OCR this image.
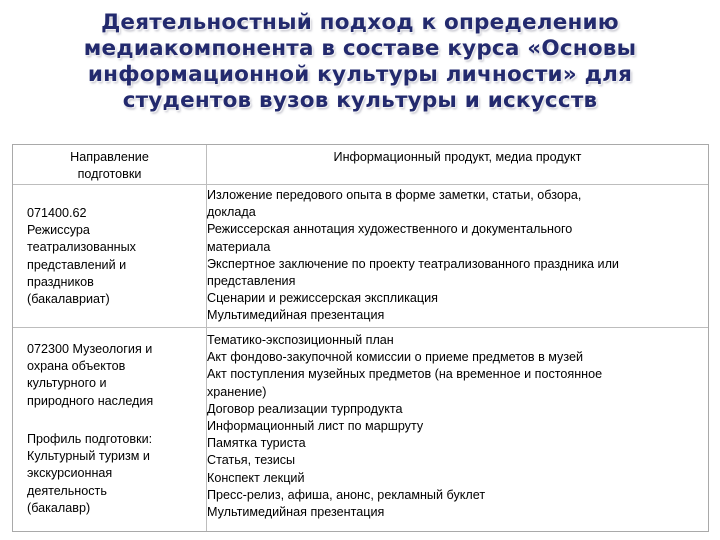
Деятельностный подход к определению
медиакомпонента в составе курса «Основы
информационной культуры личности» для
студентов вузов культуры и искусств
Направление
подготовки
Информационный продукт, медиа продукт
071400.62
Режиссура
театрализованных
представлений и
праздников
(бакалавриат)
Изложение передового опыта в форме заметки, статьи, обзора,
доклада
Режиссерская аннотация художественного и документального
материала
Экспертное заключение по проекту театрализованного праздника или
представления
Сценарии и режиссерская экспликация
Мультимедийная презентация
072300 Музеология и
охрана объектов
культурного и
природного наследия
Профиль подготовки:
Культурный туризм и
экскурсионная
деятельность
(бакалавр)
Тематико-экспозиционный план
Акт фондово-закупочной комиссии о приеме предметов в музей
Акт поступления музейных предметов (на временное и постоянное
хранение)
Договор реализации турпродукта
Информационный лист по маршруту
Памятка туриста
Статья, тезисы
Конспект лекций
Пресс-релиз, афиша, анонс, рекламный буклет
Мультимедийная презентация
